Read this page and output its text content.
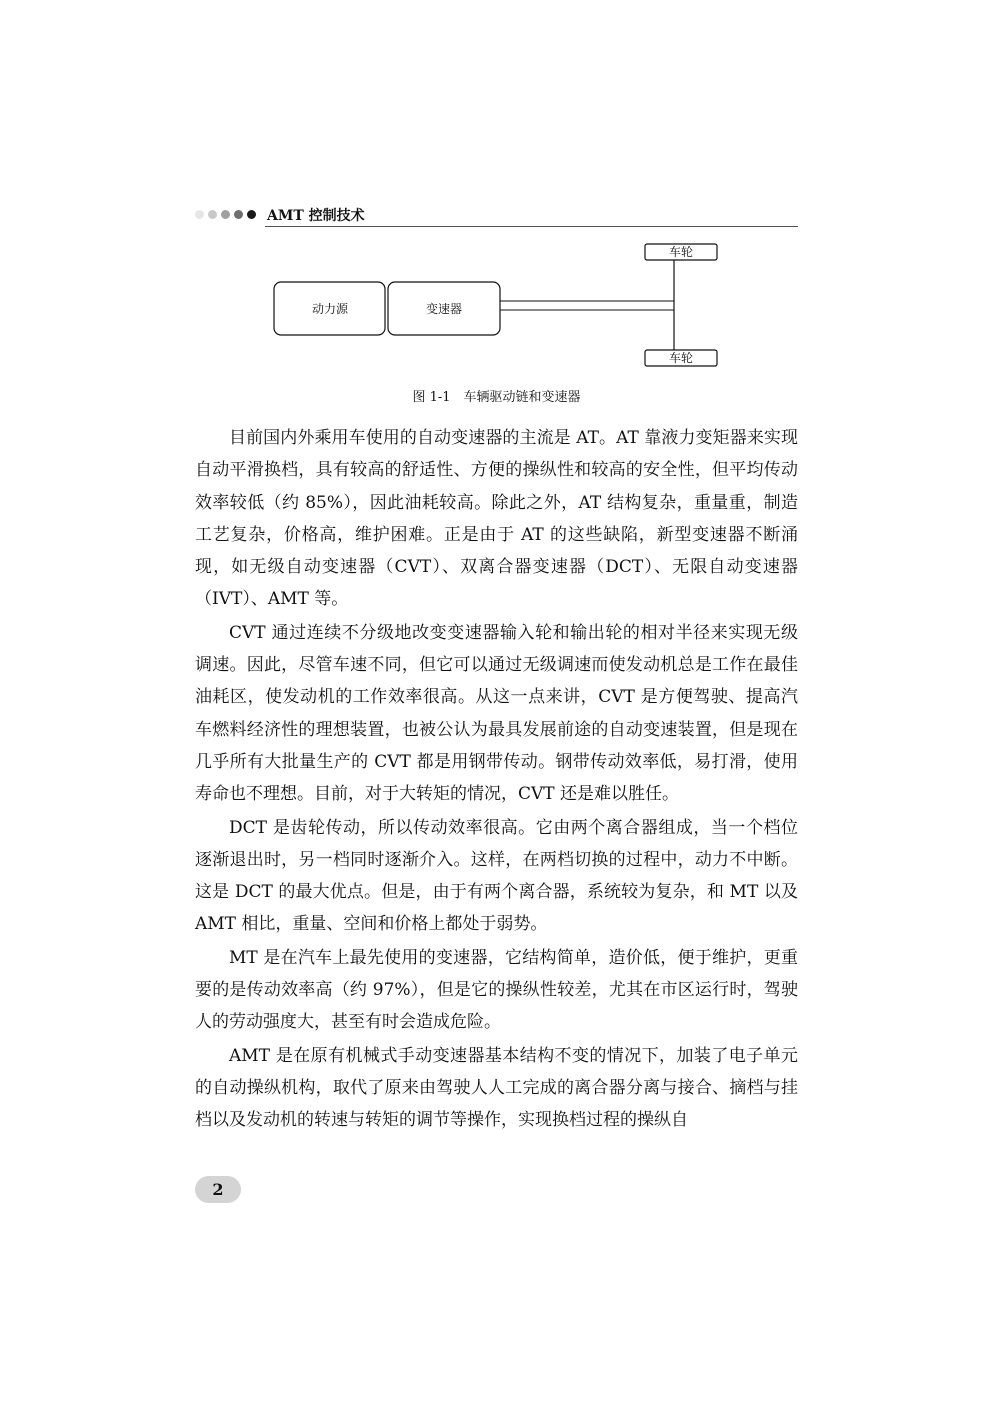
AMT 控制技术
动力源	变速器
车轮
车轮
图 1-1　车辆驱动链和变速器

目前国内外乘用车使用的自动变速器的主流是 AT。AT 靠液力变矩器来实现自动平滑换档，具有较高的舒适性、方便的操纵性和较高的安全性，但平均传动效率较低（约 85%），因此油耗较高。除此之外，AT 结构复杂，重量重，制造工艺复杂，价格高，维护困难。正是由于 AT 的这些缺陷，新型变速器不断涌现，如无级自动变速器（CVT）、双离合器变速器（DCT）、无限自动变速器（IVT）、AMT 等。

CVT 通过连续不分级地改变变速器输入轮和输出轮的相对半径来实现无级调速。因此，尽管车速不同，但它可以通过无级调速而使发动机总是工作在最佳油耗区，使发动机的工作效率很高。从这一点来讲，CVT 是方便驾驶、提高汽车燃料经济性的理想装置，也被公认为最具发展前途的自动变速装置，但是现在几乎所有大批量生产的 CVT 都是用钢带传动。钢带传动效率低，易打滑，使用寿命也不理想。目前，对于大转矩的情况，CVT 还是难以胜任。

DCT 是齿轮传动，所以传动效率很高。它由两个离合器组成，当一个档位逐渐退出时，另一档同时逐渐介入。这样，在两档切换的过程中，动力不中断。这是 DCT 的最大优点。但是，由于有两个离合器，系统较为复杂，和 MT 以及 AMT 相比，重量、空间和价格上都处于弱势。

MT 是在汽车上最先使用的变速器，它结构简单，造价低，便于维护，更重要的是传动效率高（约 97%），但是它的操纵性较差，尤其在市区运行时，驾驶人的劳动强度大，甚至有时会造成危险。

AMT 是在原有机械式手动变速器基本结构不变的情况下，加装了电子单元的自动操纵机构，取代了原来由驾驶人人工完成的离合器分离与接合、摘档与挂档以及发动机的转速与转矩的调节等操作，实现换档过程的操纵自

2
